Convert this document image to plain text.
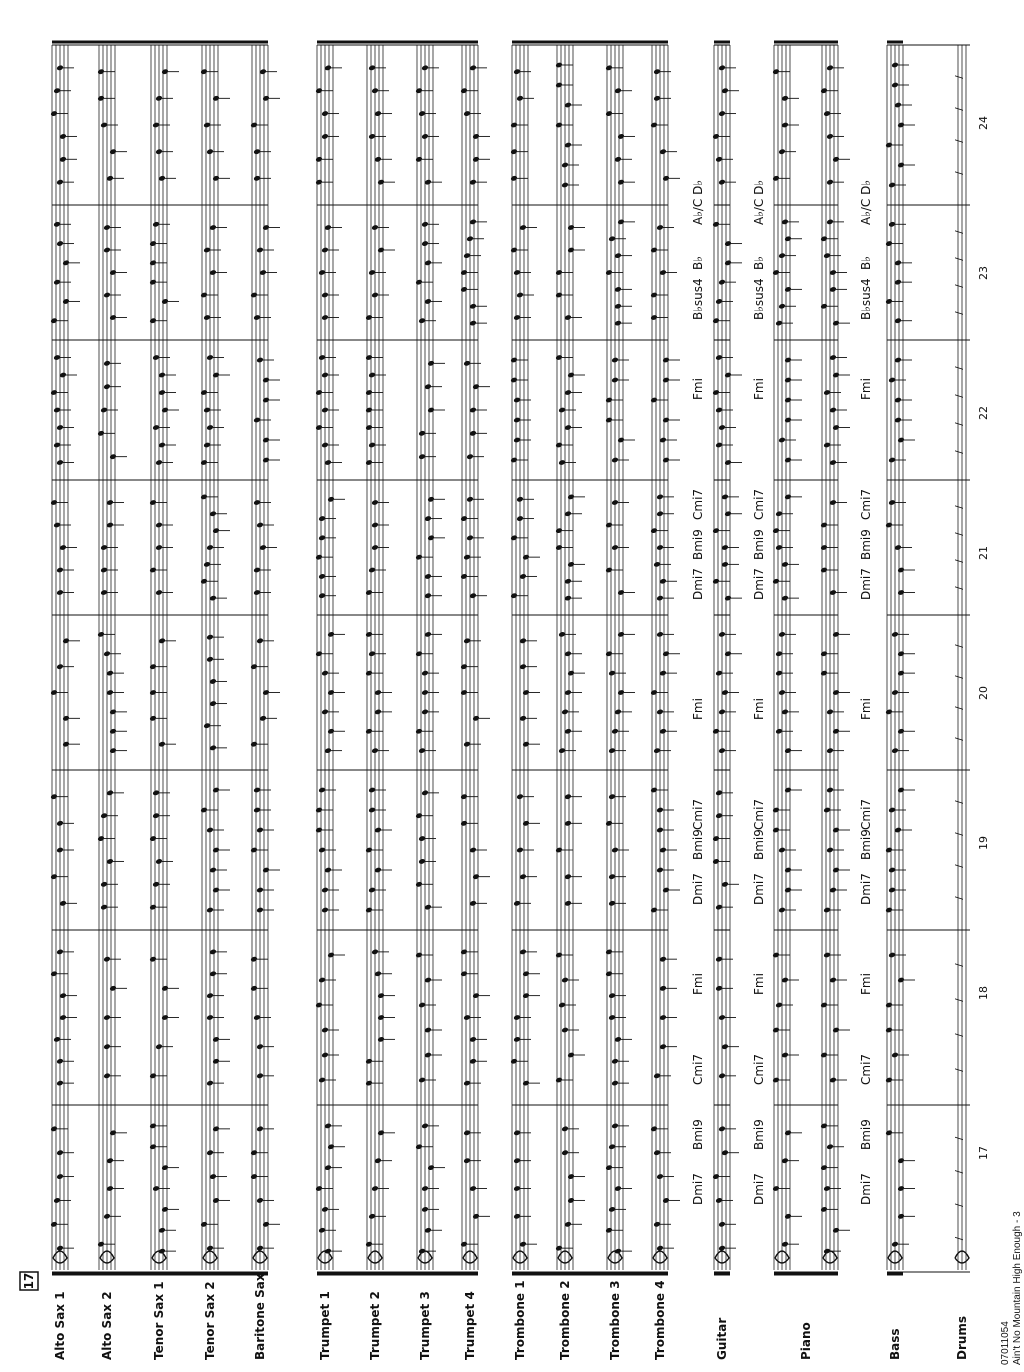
/
/
/
/
/
/
/
/
/
/
/
/
/
/
/
/
/
/
/
/
/
/
/
/
/
/
/
/
/
/
/
/
Alto Sax 1	Alto Sax 2	Tenor Sax 1	Tenor Sax 2	Baritone Sax	Trumpet 1	Trumpet 2	Trumpet 3	Trumpet 4	Trombone 1	Trombone 2	Trombone 3	Trombone 4	Guitar	Piano	Bass	Drums
Dmi7
Bmi9
Cmi7
Fmi
Dmi7
Bmi9
Cmi7
Fmi
Dmi7
Bmi9
Cmi7
Fmi
B♭sus4
B♭
A♭/C D♭
Dmi7
Bmi9
Cmi7
Fmi
Dmi7
Bmi9
Cmi7
Fmi
Dmi7
Bmi9
Cmi7
Fmi
B♭sus4
B♭
A♭/C D♭
Dmi7
Bmi9
Cmi7
Fmi
Dmi7
Bmi9
Cmi7
Fmi
Dmi7
Bmi9
Cmi7
Fmi
B♭sus4
B♭
A♭/C D♭
17
18
19
20
21
22
23
24
17
07011054 Ain't No Mountain High Enough - 3
